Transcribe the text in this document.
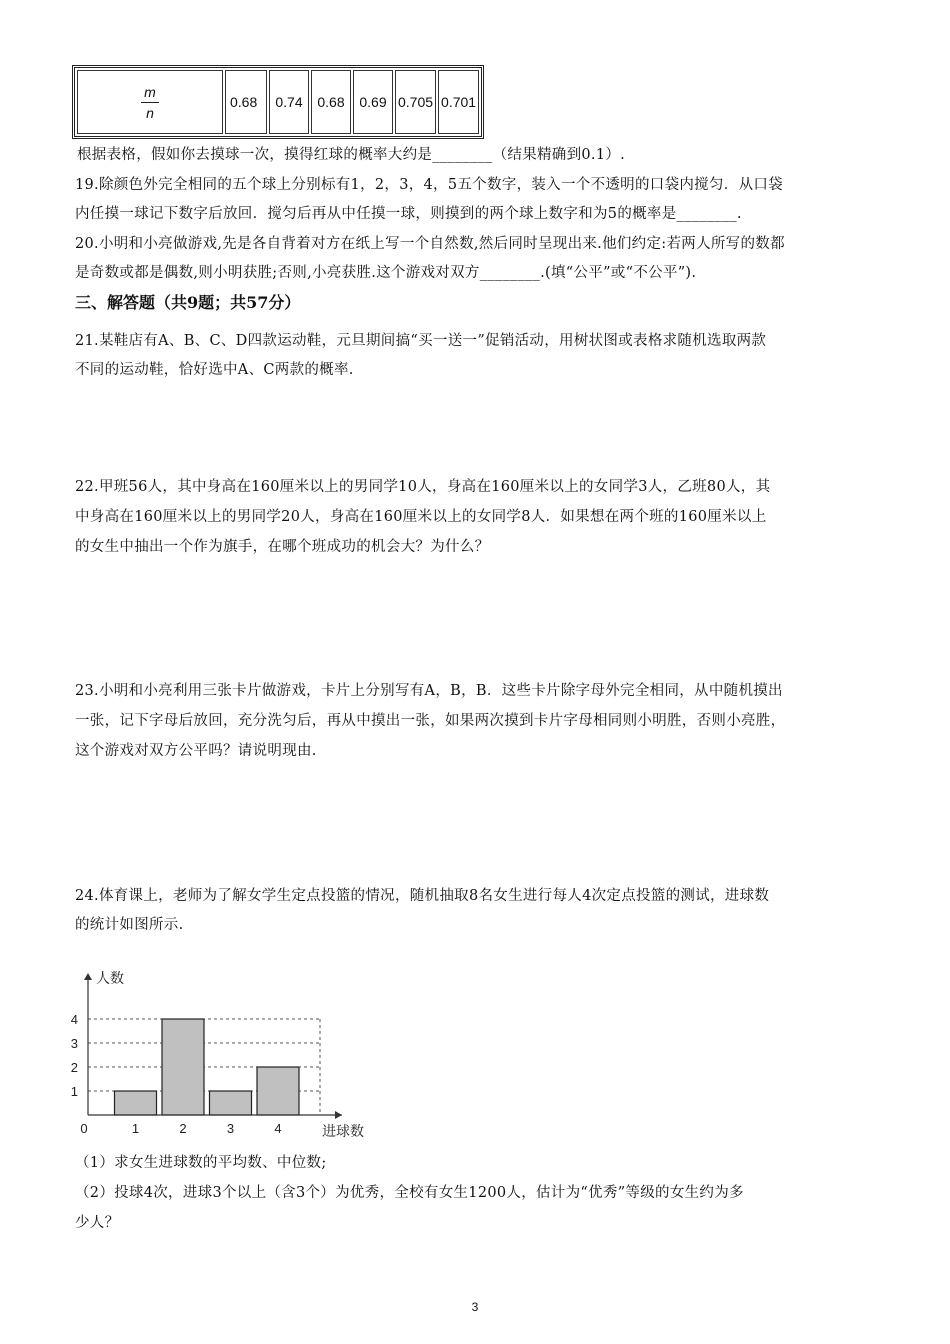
$\frac{m}{n}$	0.6​8	0.74	0.68	0.69	0.705	0.701
根据表格，假如你去摸球一次，摸得红球的概率大约是________（结果精确到0.1）.
19.除颜色外完全相同的五个球上分别标有1，2，3，4，5五个数字，装入一个不透明的口袋内搅匀．从口袋
内任摸一球记下数字后放回．搅匀后再从中任摸一球，则摸到的两个球上数字和为5的概率是________.
20.小明和小亮做游戏,先是各自背着对方在纸上写一个自然数,然后同时呈现出来.他们约定:若两人所写的数都
是奇数或都是偶数,则小明获胜;否则,小亮获胜.这个游戏对双方________.(填“公平”或“不公平”).
三、解答题（共9题；共57分）
21.某鞋店有A、B、C、D四款运动鞋，元旦期间搞“买一送一”促销活动，用树状图或表格求随机选取两款
不同的运动鞋，恰好选中A、C两款的概率.
22.甲班56人，其中身高在160厘米以上的男同学10人，身高在160厘米以上的女同学3人，乙班80人，其
中身高在160厘米以上的男同学20人，身高在160厘米以上的女同学8人．如果想在两个班的160厘米以上
的女生中抽出一个作为旗手，在哪个班成功的机会大？为什么？
23.小明和小亮利用三张卡片做游戏，卡片上分别写有A，B，B．这些卡片除字母外完全相同，从中随机摸出
一张，记下字母后放回，充分洗匀后，再从中摸出一张，如果两次摸到卡片字母相同则小明胜，否则小亮胜，
这个游戏对双方公平吗？请说明现由.
24.体育课上，老师为了解女学生定点投篮的情况，随机抽取8名女生进行每人4次定点投篮的测试，进球数
的统计如图所示.
1
2
3
4
0	1	2	3	4
人数
进球数
（1）求女生进球数的平均数、中位数;
（2）投球4次，进球3个以上（含3个）为优秀，全校有女生1200人，估计为“优秀”等级的女生约为多
少人？
3
